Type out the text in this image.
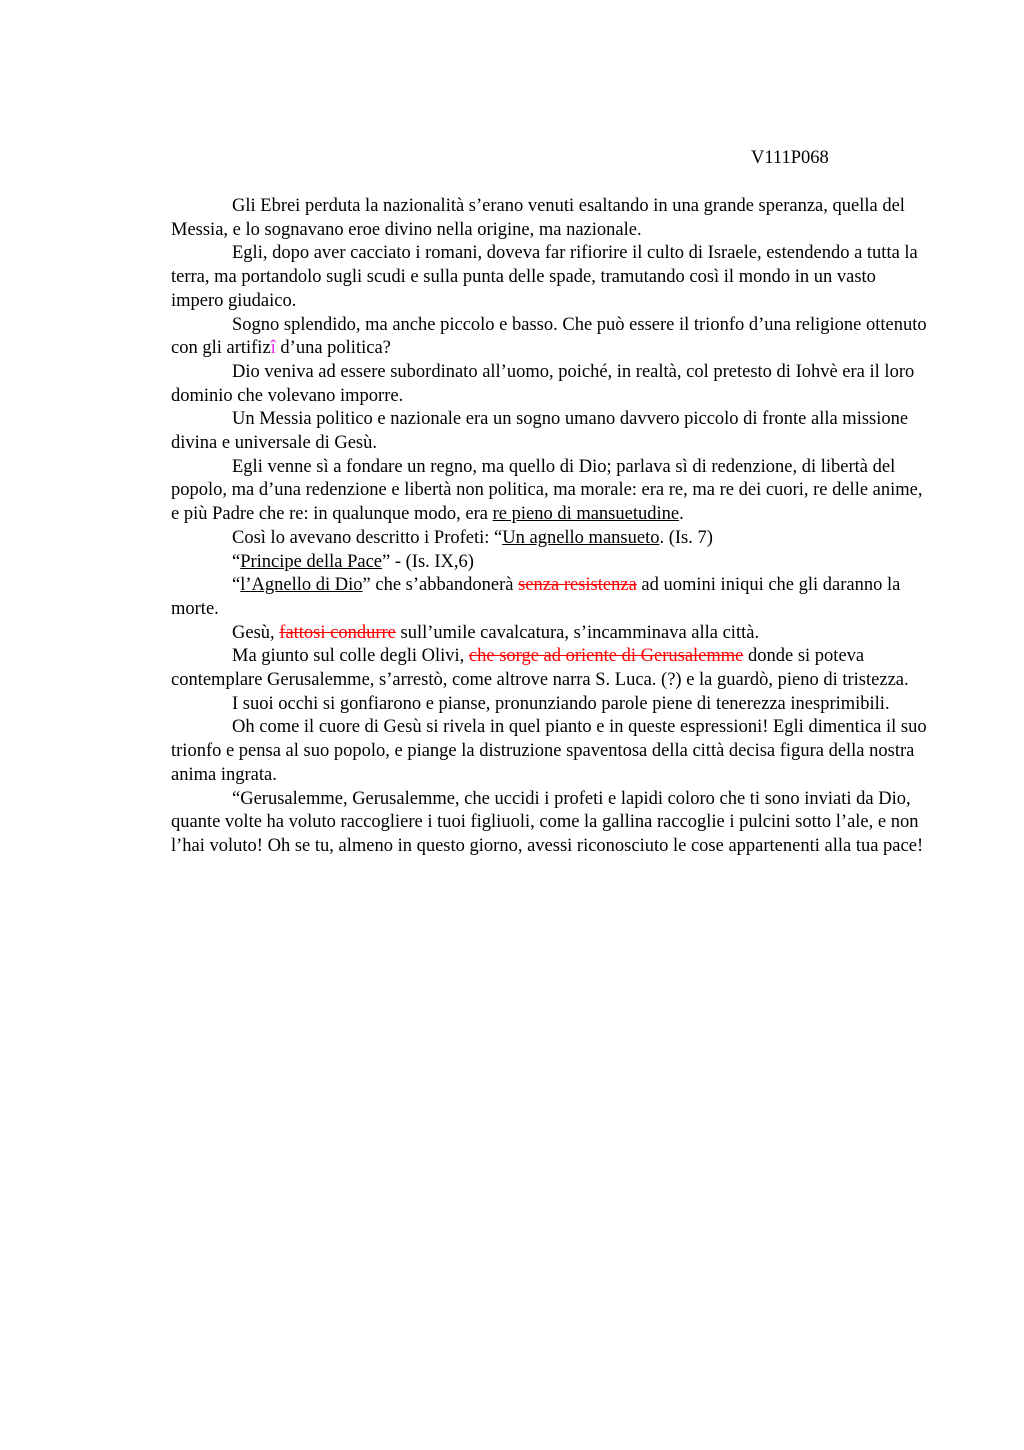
V111P068

Gli Ebrei perduta la nazionalità s’erano venuti esaltando in una grande speranza, quella del Messia, e lo sognavano eroe divino nella origine, ma nazionale.

Egli, dopo aver cacciato i romani, doveva far rifiorire il culto di Israele, estendendo a tutta la terra, ma portandolo sugli scudi e sulla punta delle spade, tramutando così il mondo in un vasto impero giudaico.

Sogno splendido, ma anche piccolo e basso. Che può essere il trionfo d’una religione ottenuto con gli artifizî d’una politica?

Dio veniva ad essere subordinato all’uomo, poiché, in realtà, col pretesto di Iohvè era il loro dominio che volevano imporre.

Un Messia politico e nazionale era un sogno umano davvero piccolo di fronte alla missione divina e universale di Gesù.

Egli venne sì a fondare un regno, ma quello di Dio; parlava sì di redenzione, di libertà del popolo, ma d’una redenzione e libertà non politica, ma morale: era re, ma re dei cuori, re delle anime, e più Padre che re: in qualunque modo, era re pieno di mansuetudine.

Così lo avevano descritto i Profeti: “Un agnello mansueto. (Is. 7)

“Principe della Pace” - (Is. IX,6)

“l’Agnello di Dio” che s’abbandonerà senza resistenza ad uomini iniqui che gli daranno la morte.

Gesù, fattosi condurre sull’umile cavalcatura, s’incamminava alla città.

Ma giunto sul colle degli Olivi, che sorge ad oriente di Gerusalemme donde si poteva contemplare Gerusalemme, s’arrestò, come altrove narra S. Luca. (?) e la guardò, pieno di tristezza.

I suoi occhi si gonfiarono e pianse, pronunziando parole piene di tenerezza inesprimibili.

Oh come il cuore di Gesù si rivela in quel pianto e in queste espressioni! Egli dimentica il suo trionfo e pensa al suo popolo, e piange la distruzione spaventosa della città decisa figura della nostra anima ingrata.

“Gerusalemme, Gerusalemme, che uccidi i profeti e lapidi coloro che ti sono inviati da Dio, quante volte ha voluto raccogliere i tuoi figliuoli, come la gallina raccoglie i pulcini sotto l’ale, e non l’hai voluto! Oh se tu, almeno in questo giorno, avessi riconosciuto le cose appartenenti alla tua pace!
